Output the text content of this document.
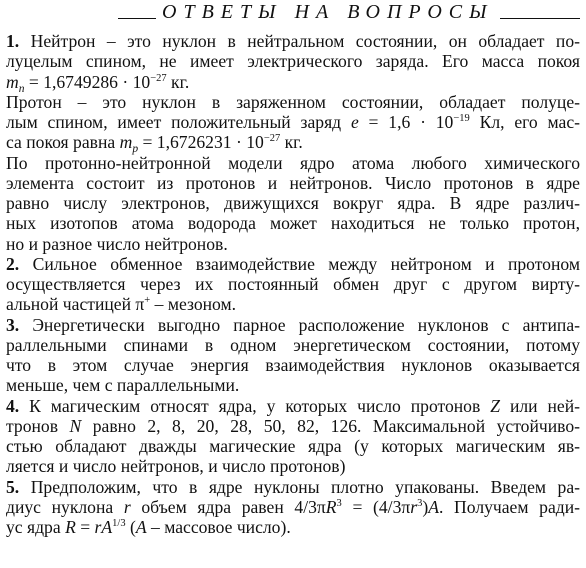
ОТВЕТЫ НА ВОПРОСЫ
1. Нейтрон – это нуклон в нейтральном состоянии, он обладает по-
луцелым спином, не имеет электрического заряда. Его масса покоя
$m_n = 1,6749286 \cdot 10^{-27}$ кг.
Протон – это нуклон в заряженном состоянии, обладает полуце-
лым спином, имеет положительный заряд $e = 1,6 \cdot 10^{-19}$ Кл, его мас-
са покоя равна $m_p = 1,6726231 \cdot 10^{-27}$ кг.
По протонно-нейтронной модели ядро атома любого химического
элемента состоит из протонов и нейтронов. Число протонов в ядре
равно числу электронов, движущихся вокруг ядра. В ядре различ-
ных изотопов атома водорода может находиться не только протон,
но и разное число нейтронов.
2. Сильное обменное взаимодействие между нейтроном и протоном
осуществляется через их постоянный обмен друг с другом вирту-
альной частицей π+ – мезоном.
3. Энергетически выгодно парное расположение нуклонов с антипа-
раллельными спинами в одном энергетическом состоянии, потому
что в этом случае энергия взаимодействия нуклонов оказывается
меньше, чем с параллельными.
4. К магическим относят ядра, у которых число протонов Z или ней-
тронов N равно 2, 8, 20, 28, 50, 82, 126. Максимальной устойчиво-
стью обладают дважды магические ядра (у которых магическим яв-
ляется и число нейтронов, и число протонов)
5. Предположим, что в ядре нуклоны плотно упакованы. Введем ра-
диус нуклона r объем ядра равен $4/3\pi R^3 = (4/3\pi r^3)A$. Получаем ради-
ус ядра $R = rA^{1/3}$ (A – массовое число).
